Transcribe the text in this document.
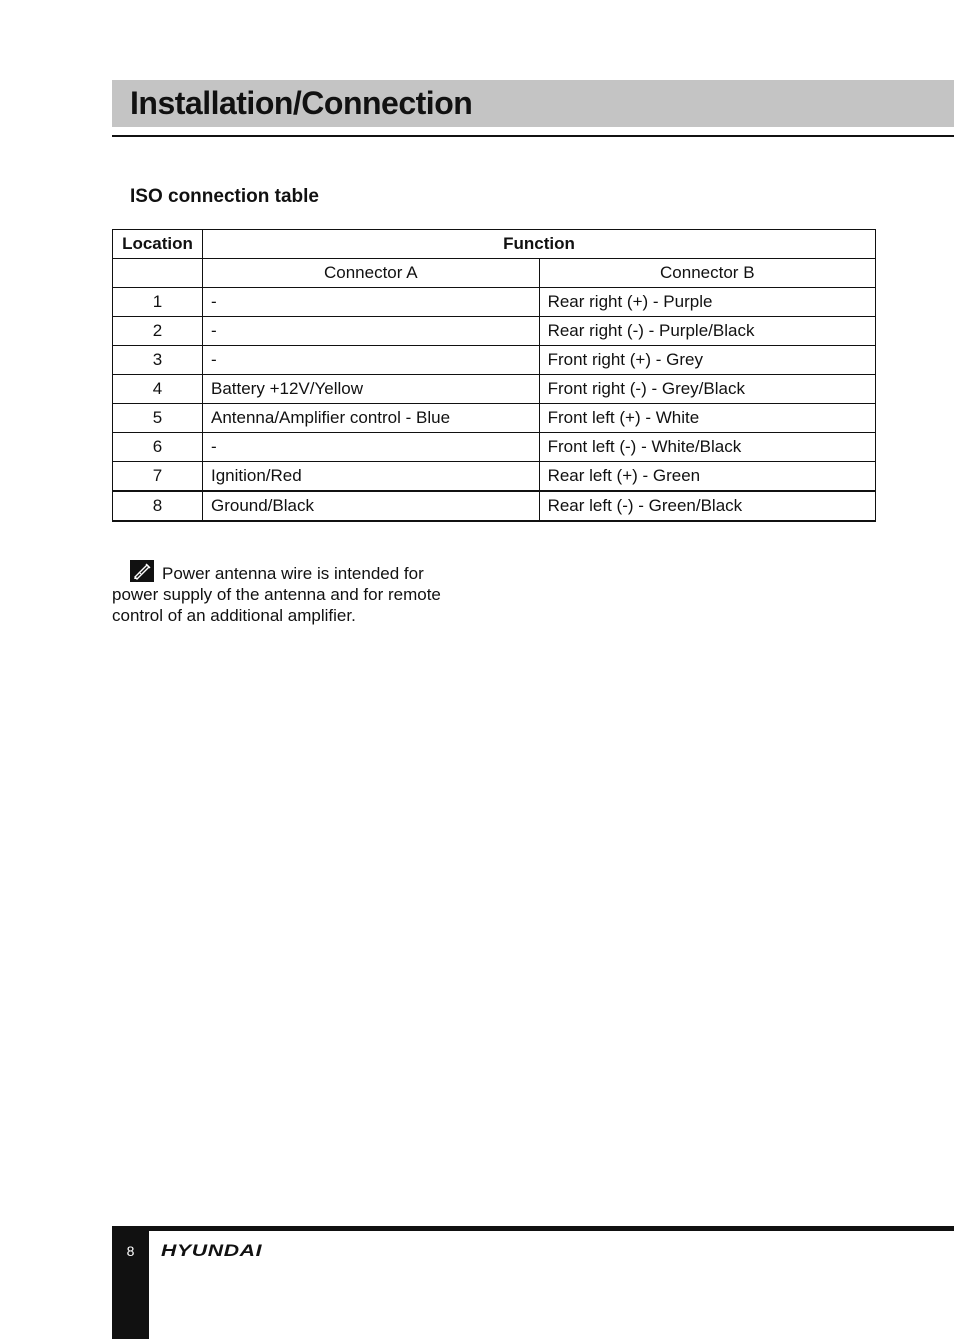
Installation/Connection
ISO connection table
Location	Function	
	Connector A	Connector B
1	-	Rear right (+) - Purple
2	-	Rear right (-) - Purple/Black
3	-	Front right (+) - Grey
4	Battery +12V/Yellow	Front right (-) - Grey/Black
5	Antenna/Amplifier control - Blue	Front left (+) - White
6	-	Front left (-) - White/Black
7	Ignition/Red	Rear left (+) - Green
8	Ground/Black	Rear left (-) - Green/Black
Power antenna wire is intended for power supply of the antenna and for remote control of an additional amplifier.
8	HYUNDAI
